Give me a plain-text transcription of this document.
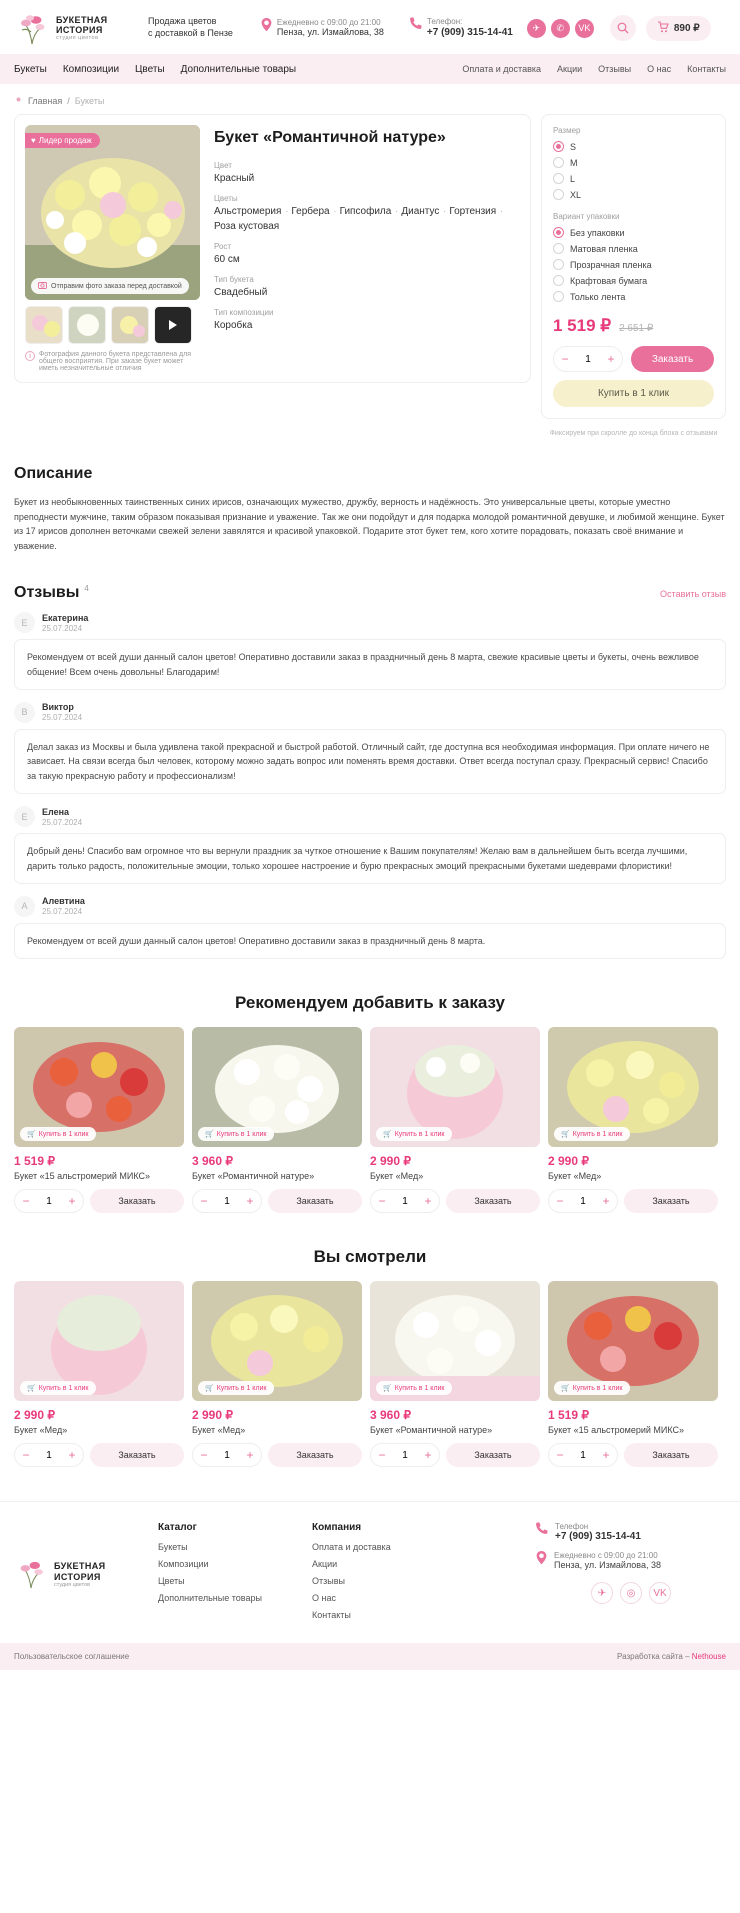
БУКЕТНАЯ
ИСТОРИЯ
студия цветов
Продажа цветов
с доставкой в Пензе
Ежедневно с 09:00 до 21:00
Пенза, ул. Измайлова, 38
Телефон:
+7 (909) 315-14-41	✈	✆	VK	890 ₽
Букеты Композиции Цветы Дополнительные товары	Оплата и доставка Акции Отзывы О нас Контакты
Главная / Букеты
♥ Лидер продаж
Отправим фото заказа перед доставкой
i	Фотография данного букета представлена для общего восприятия. При заказе букет может иметь незначительные отличия
Букет «Романтичной натуре»
Цвет
Красный
Цветы
Альстромерия · Гербера · Гипсофила · Диантус · Гортензия ·
Роза кустовая
Рост
60 см
Тип букета
Свадебный
Тип композиции
Коробка
Размер
S
M
L
XL
Вариант упаковки
Без упаковки
Матовая пленка
Прозрачная пленка
Крафтовая бумага
Только лента
1 519 ₽ 2 651 ₽
−
1	+	Заказать
Купить в 1 клик
Фиксируем при скролле до конца блока с отзывами
Описание
Букет из необыкновенных таинственных синих ирисов, означающих мужество, дружбу, верность и надёжность. Это универсальные цветы, которые уместно преподнести мужчине, таким образом показывая признание и уважение. Так же они подойдут и для подарка молодой романтичной девушке, и любимой женщине. Букет из 17 ирисов дополнен веточками свежей зелени завялятся и красивой упаковкой. Подарите этот букет тем, кого хотите порадовать, показать своё внимание и уважение.
Отзывы 4
Оставить отзыв
Е	Екатерина
25.07.2024
Рекомендуем от всей души данный салон цветов! Оперативно доставили заказ в праздничный день 8 марта, свежие красивые цветы и букеты, очень вежливое общение! Всем очень довольны! Благодарим!
В	Виктор
25.07.2024
Делал заказ из Москвы и была удивлена такой прекрасной и быстрой работой. Отличный сайт, где доступна вся необходимая информация. При оплате ничего не зависает. На связи всегда был человек, которому можно задать вопрос или поменять время доставки. Ответ всегда поступал сразу. Прекрасный сервис! Спасибо за такую прекрасную работу и профессионализм!
Е	Елена
25.07.2024
Добрый день! Спасибо вам огромное что вы вернули праздник за чуткое отношение к Вашим покупателям! Желаю вам в дальнейшем быть всегда лучшими, дарить только радость, положительные эмоции, только хорошее настроение и бурю прекрасных эмоций прекрасными букетами шедеврами флористики!
А	Алевтина
25.07.2024
Рекомендуем от всей души данный салон цветов! Оперативно доставили заказ в праздничный день 8 марта.
Рекомендуем добавить к заказу
🛒 Купить в 1 клик
1 519 ₽
Букет «15 альстромерий МИКС»
−
1	+	Заказать
🛒 Купить в 1 клик
3 960 ₽
Букет «Романтичной натуре»
−
1	+	Заказать
🛒 Купить в 1 клик
2 990 ₽
Букет «Мед»
−
1	+	Заказать
🛒 Купить в 1 клик
2 990 ₽
Букет «Мед»
−
1	+	Заказать
Вы смотрели
🛒 Купить в 1 клик
2 990 ₽
Букет «Мед»
−
1	+	Заказать
🛒 Купить в 1 клик
2 990 ₽
Букет «Мед»
−
1	+	Заказать
🛒 Купить в 1 клик
3 960 ₽
Букет «Романтичной натуре»
−
1	+	Заказать
🛒 Купить в 1 клик
1 519 ₽
Букет «15 альстромерий МИКС»
−
1	+	Заказать
БУКЕТНАЯ
ИСТОРИЯ
студия цветов
Каталог
Букеты
Композиции
Цветы
Дополнительные товары
Компания
Оплата и доставка
Акции
Отзывы
О нас
Контакты
Телефон
+7 (909) 315-14-41
Ежедневно с 09:00 до 21:00
Пенза, ул. Измайлова, 38
✈	◎	VK
Пользовательское соглашение	Разработка сайта – Nethouse
